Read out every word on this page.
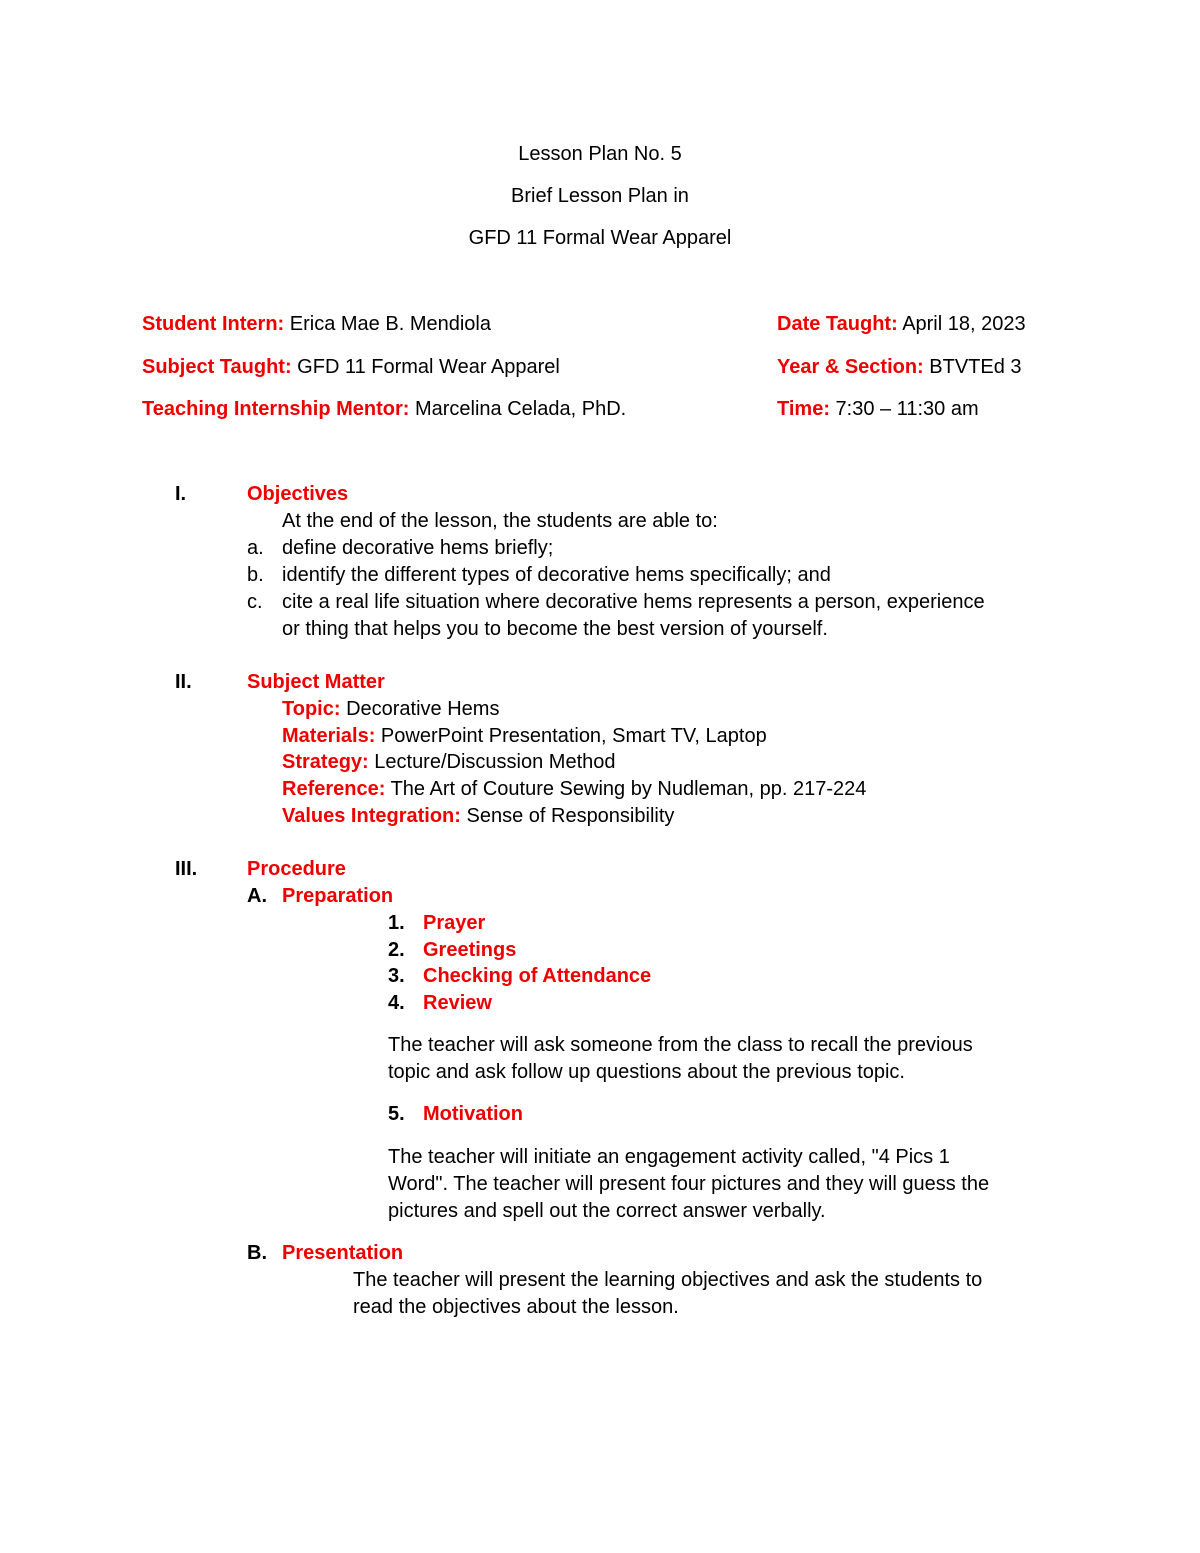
Lesson Plan No. 5
Brief Lesson Plan in
GFD 11 Formal Wear Apparel
Student Intern: Erica Mae B. Mendiola
Subject Taught: GFD 11 Formal Wear Apparel
Teaching Internship Mentor: Marcelina Celada, PhD.
Date Taught: April 18, 2023
Year & Section: BTVTEd 3
Time: 7:30 – 11:30 am
I.	Objectives
At the end of the lesson, the students are able to:
a. define decorative hems briefly;
b. identify the different types of decorative hems specifically; and
c. cite a real life situation where decorative hems represents a person, experience
or thing that helps you to become the best version of yourself.
II.	Subject Matter
Topic: Decorative Hems
Materials: PowerPoint Presentation, Smart TV, Laptop
Strategy: Lecture/Discussion Method
Reference: The Art of Couture Sewing by Nudleman, pp. 217-224
Values Integration: Sense of Responsibility
III. Procedure
A. Preparation
1. Prayer
2. Greetings
3. Checking of Attendance
4. Review
The teacher will ask someone from the class to recall the previous
topic and ask follow up questions about the previous topic.
5. Motivation
The teacher will initiate an engagement activity called, "4 Pics 1
Word". The teacher will present four pictures and they will guess the
pictures and spell out the correct answer verbally.
B. Presentation
The teacher will present the learning objectives and ask the students to
read the objectives about the lesson.
